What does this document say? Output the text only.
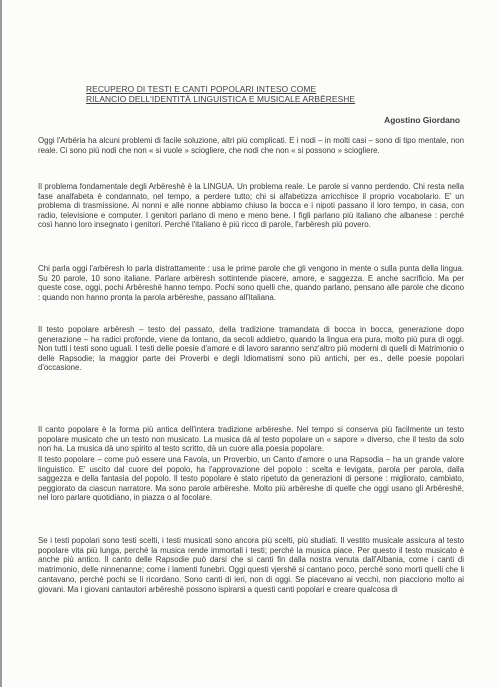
RECUPERO DI TESTI E CANTI POPOLARI INTESO COME
RILANCIO DELL'IDENTITÀ LINGUISTICA E MUSICALE ARBËRESHE
Agostino Giordano

Oggi l'Arbëria ha alcuni problemi di facile soluzione, altri più complicati. E i nodi – in molti casi – sono di tipo mentale, non reale. Ci sono più nodi che non « si vuole » sciogliere, che nodi che non « si possono » sciogliere.

Il problema fondamentale degli Arbëreshë è la LINGUA. Un problema reale. Le parole si vanno perdendo. Chi resta nella fase analfabeta è condannato, nel tempo, a perdere tutto; chi si alfabetizza arricchisce il proprio vocabolario. E' un problema di trasmissione. Ai nonni e alle nonne abbiamo chiuso la bocca e i nipoti passano il loro tempo, in casa, con radio, televisione e computer. I genitori parlano di meno e meno bene. I figli parlano più italiano che albanese : perché così hanno loro insegnato i genitori. Perché l'italiano è più ricco di parole, l'arbëresh più povero.

Chi parla oggi l'arbëresh lo parla distrattamente : usa le prime parole che gli vengono in mente o sulla punta della lingua. Su 20 parole, 10 sono italiane. Parlare arbëresh sottintende piacere, amore, e saggezza. E anche sacrificio. Ma per queste cose, oggi, pochi Arbëreshë hanno tempo. Pochi sono quelli che, quando parlano, pensano alle parole che dicono : quando non hanno pronta la parola arbëreshe, passano all'italiana.

Il testo popolare arbëresh – testo del passato, della tradizione tramandata di bocca in bocca, generazione dopo generazione – ha radici profonde, viene da lontano, da secoli addietro, quando la lingua era pura, molto più pura di oggi. Non tutti i testi sono uguali. I testi delle poesie d'amore e di lavoro saranno senz'altro più moderni di quelli di Matrimonio o delle Rapsodie; la maggior parte dei Proverbi e degli Idiomatismi sono più antichi, per es., delle poesie popolari d'occasione.

Il canto popolare è la forma più antica dell'intera tradizione arbëreshe. Nel tempo si conserva più facilmente un testo popolare musicato che un testo non musicato. La musica dà al testo popolare un « sapore » diverso, che il testo da solo non ha. La musica dà uno spirito al testo scritto, dà un cuore alla poesia popolare.

Il testo popolare – come può essere una Favola, un Proverbio, un Canto d'amore o una Rapsodia – ha un grande valore linguistico. E' uscito dal cuore del popolo, ha l'approvazione del popolo : scelta e levigata, parola per parola, dalla saggezza e della fantasia del popolo. Il testo popolare è stato ripetuto da generazioni di persone : migliorato, cambiato, peggiorato da ciascun narratore. Ma sono parole arbëreshe. Molto più arbëreshe di quelle che oggi usano gli Arbëreshë, nel loro parlare quotidiano, in piazza o al focolare.

Se i testi popolari sono testi scelti, i testi musicati sono ancora più scelti, più studiati. Il vestito musicale assicura al testo popolare vita più lunga, perché la musica rende immortali i testi; perché la musica piace. Per questo il testo musicato è anche più antico. Il canto delle Rapsodie può darsi che si canti fin dalla nostra venuta dall'Albania, come i canti di matrimonio, delle ninnenanne; come i lamenti funebri. Oggi questi vjershë si cantano poco, perché sono morti quelli che li cantavano, perché pochi se li ricordano. Sono canti di ieri, non di oggi. Se piacevano ai vecchi, non piacciono molto ai giovani. Ma i giovani cantautori arbëreshë possono ispirarsi a questi canti popolari e creare qualcosa di
